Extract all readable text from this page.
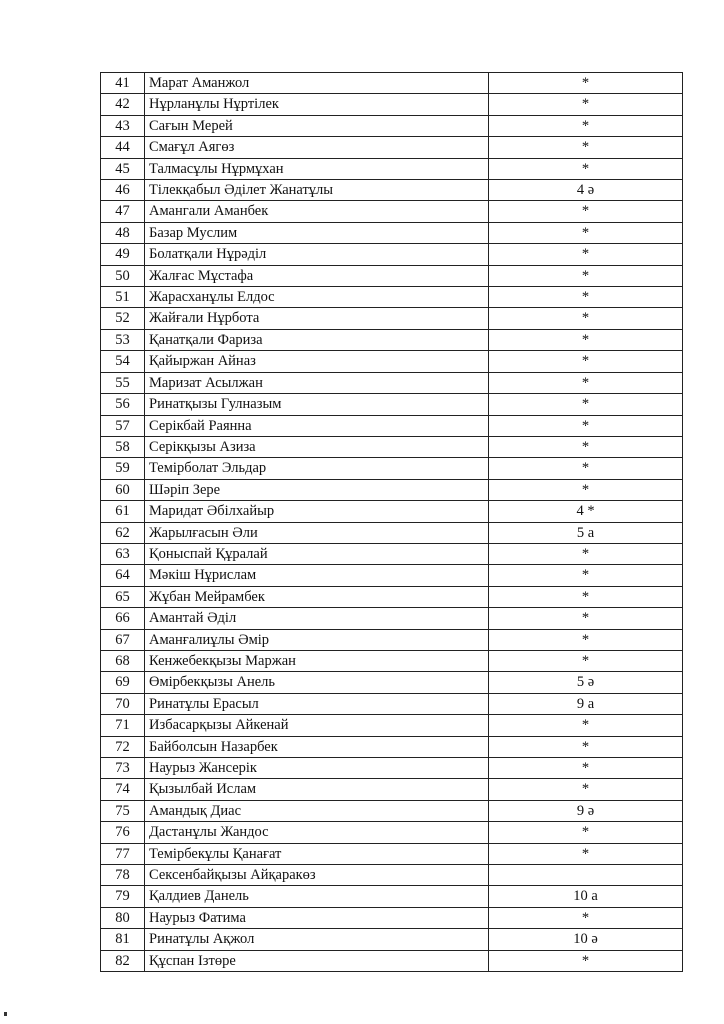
41	Марат Аманжол	*
42	Нұрланұлы Нұртілек	*
43	Сағын Мерей	*
44	Смағұл Аягөз	*
45	Талмасұлы Нұрмұхан	*
46	Тілекқабыл Әділет Жанатұлы	4 ә
47	Амангали Аманбек	*
48	Базар Муслим	*
49	Болатқали Нұрәділ	*
50	Жалғас Мұстафа	*
51	Жарасханұлы Елдос	*
52	Жайғали Нұрбота	*
53	Қанатқали Фариза	*
54	Қайыржан Айназ	*
55	Маризат Асылжан	*
56	Ринатқызы Гулназым	*
57	Серікбай Раянна	*
58	Серікқызы Азиза	*
59	Темірболат Эльдар	*
60	Шәріп Зере	*
61	Маридат Әбілхайыр	4 *
62	Жарылғасын Әли	5 а
63	Қоныспай Құралай	*
64	Мәкіш Нұрислам	*
65	Жұбан Мейрамбек	*
66	Амантай Әділ	*
67	Аманғалиұлы Әмір	*
68	Кенжебекқызы Маржан	*
69	Өмірбекқызы Анель	5 ә
70	Ринатұлы Ерасыл	9 а
71	Избасарқызы Айкенай	*
72	Байболсын Назарбек	*
73	Наурыз Жансерік	*
74	Қызылбай Ислам	*
75	Амандық Диас	9 ә
76	Дастанұлы Жандос	*
77	Темірбекұлы Қанағат	*
78	Сексенбайқызы Айқаракөз	
79	Қалдиев Данель	10 а
80	Наурыз Фатима	*
81	Ринатұлы Ақжол	10 ә
82	Құспан Ізтөре	*
